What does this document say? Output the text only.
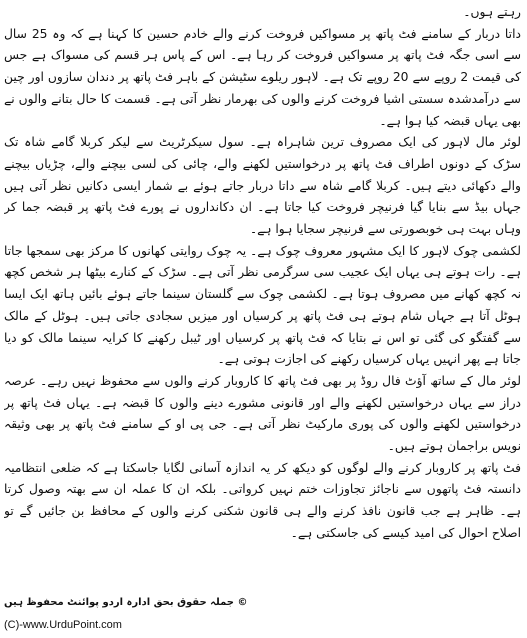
رہتے ہوں۔

داتا دربار کے سامنے فٹ پاتھ پر مسواکیں فروخت کرنے والے خادم حسین کا کہنا ہے کہ وہ 25 سال سے اسی جگہ فٹ پاتھ پر مسواکیں فروخت کر رہا ہے۔ اس کے پاس ہر قسم کی مسواک ہے جس کی قیمت 2 روپے سے 20 روپے تک ہے۔ لاہور ریلوے سٹیشن کے باہر فٹ پاتھ پر دندان سازوں اور چین سے درآمدشدہ سستی اشیا فروخت کرنے والوں کی بھرمار نظر آتی ہے۔ قسمت کا حال بتانے والوں نے بھی یہاں قبضہ کیا ہوا ہے۔

لوئر مال لاہور کی ایک مصروف ترین شاہراہ ہے۔ سول سیکرٹریٹ سے لیکر کربلا گامے شاہ تک سڑک کے دونوں اطراف فٹ پاتھ پر درخواستیں لکھنے والے، چائی کی لسی بیچنے والے، چڑیاں بیچنے والے دکھائی دیتے ہیں۔ کربلا گامے شاہ سے داتا دربار جاتے ہوئے بے شمار ایسی دکانیں نظر آتی ہیں جہاں بیڈ سے بنایا گیا فرنیچر فروخت کیا جاتا ہے۔ ان دکانداروں نے پورے فٹ پاتھ پر قبضہ جما کر وہاں بہت ہی خوبصورتی سے فرنیچر سجایا ہوا ہے۔

لکشمی چوک لاہور کا ایک مشہور معروف چوک ہے۔ یہ چوک روایتی کھانوں کا مرکز بھی سمجھا جاتا ہے۔ رات ہوتے ہی یہاں ایک عجیب سی سرگرمی نظر آتی ہے۔ سڑک کے کنارے بیٹھا ہر شخص کچھ نہ کچھ کھانے میں مصروف ہوتا ہے۔ لکشمی چوک سے گلستان سینما جاتے ہوئے بائیں ہاتھ ایک ایسا ہوٹل آتا ہے جہاں شام ہوتے ہی فٹ پاتھ پر کرسیاں اور میزیں سجادی جاتی ہیں۔ ہوٹل کے مالک سے گفتگو کی گئی تو اس نے بتایا کہ فٹ پاتھ پر کرسیاں اور ٹیبل رکھنے کا کرایہ سینما مالک کو دیا جاتا ہے پھر انہیں یہاں کرسیاں رکھنے کی اجازت ہوتی ہے۔

لوئر مال کے ساتھ آؤٹ فال روڈ پر بھی فٹ پاتھ کا کاروبار کرنے والوں سے محفوظ نہیں رہے۔ عرصہ دراز سے یہاں درخواستیں لکھنے والے اور قانونی مشورے دینے والوں کا قبضہ ہے۔ یہاں فٹ پاتھ پر درخواستیں لکھنے والوں کی پوری مارکیٹ نظر آتی ہے۔ جی پی او کے سامنے فٹ پاتھ پر بھی وثیقہ نویس براجمان ہوتے ہیں۔

فٹ پاتھ پر کاروبار کرنے والے لوگوں کو دیکھ کر یہ اندازہ آسانی لگایا جاسکتا ہے کہ ضلعی انتظامیہ دانستہ فٹ پاتھوں سے ناجائز تجاوزات ختم نہیں کرواتی۔ بلکہ ان کا عملہ ان سے بھتہ وصول کرتا ہے۔ ظاہر ہے جب قانون نافذ کرنے والے ہی قانون شکنی کرنے والوں کے محافظ بن جائیں گے تو اصلاح احوال کی امید کیسے کی جاسکتی ہے۔

© جملہ حقوق بحق ادارہ اردو پوائنٹ محفوظ ہیں
(C)-www.UrduPoint.com
